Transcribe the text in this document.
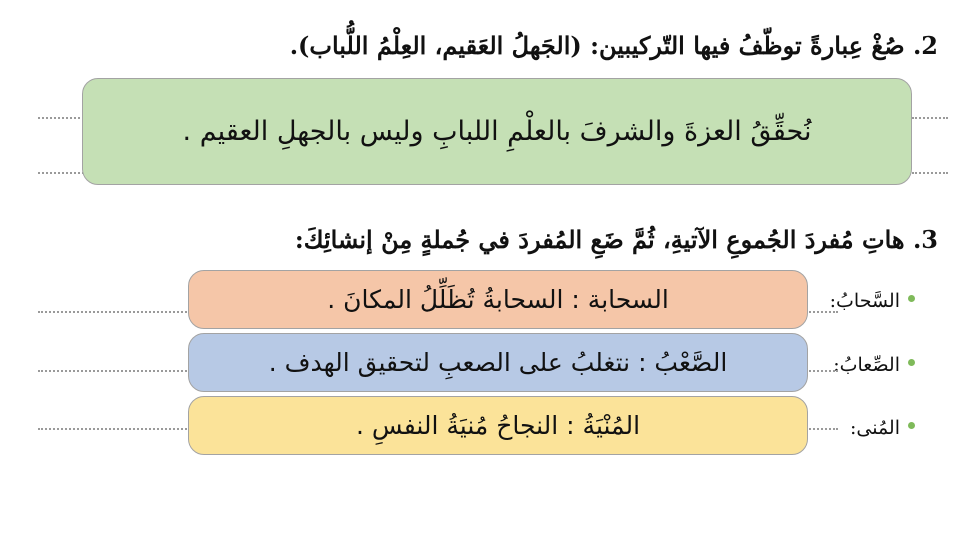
2. صُغْ عِبارةً توظّفُ فيها التّركيبين: (الجَهلُ العَقيم، العِلْمُ اللُّباب).
نُحقِّقُ العزةَ والشرفَ بالعلْمِ اللبابِ وليس بالجهلِ العقيم .
3. هاتِ مُفردَ الجُموعِ الآتيةِ، ثُمَّ ضَعِ المُفردَ في جُملةٍ مِنْ إنشائِكَ:
السَّحابُ:
السحابة : السحابةُ تُظَلِّلُ المكانَ .
الصِّعابُ:
الصَّعْبُ : نتغلبُ على الصعبِ لتحقيق الهدف .
المُنى:
المُنْيَةُ : النجاحُ مُنيَةُ النفسِ .
